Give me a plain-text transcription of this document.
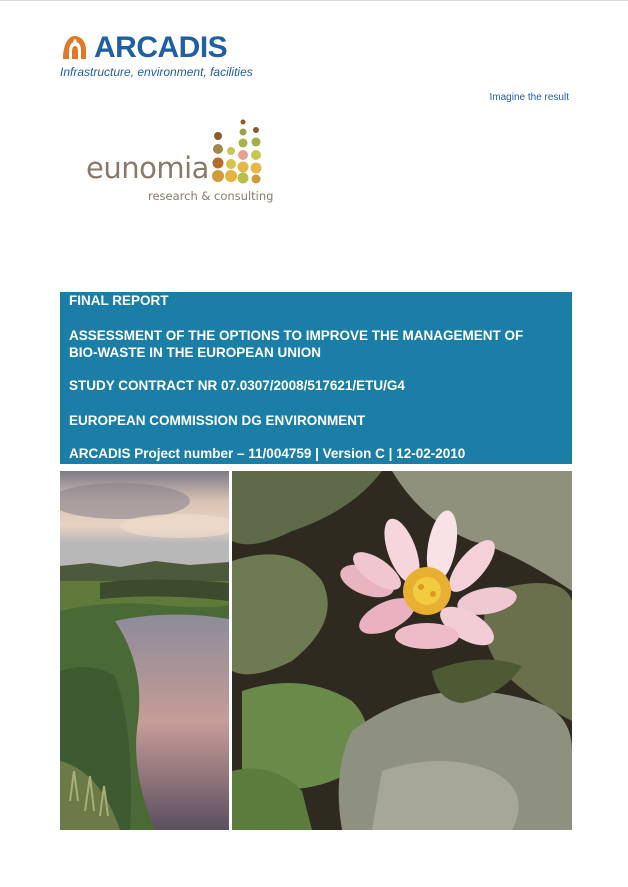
ARCADIS
Infrastructure, environment, facilities
Imagine the result
eunomia
research & consulting
FINAL REPORT
ASSESSMENT OF THE OPTIONS TO IMPROVE THE MANAGEMENT OF
BIO-WASTE IN THE EUROPEAN UNION
STUDY CONTRACT NR 07.0307/2008/517621/ETU/G4
EUROPEAN COMMISSION DG ENVIRONMENT
ARCADIS Project number – 11/004759 | Version C | 12-02-2010
